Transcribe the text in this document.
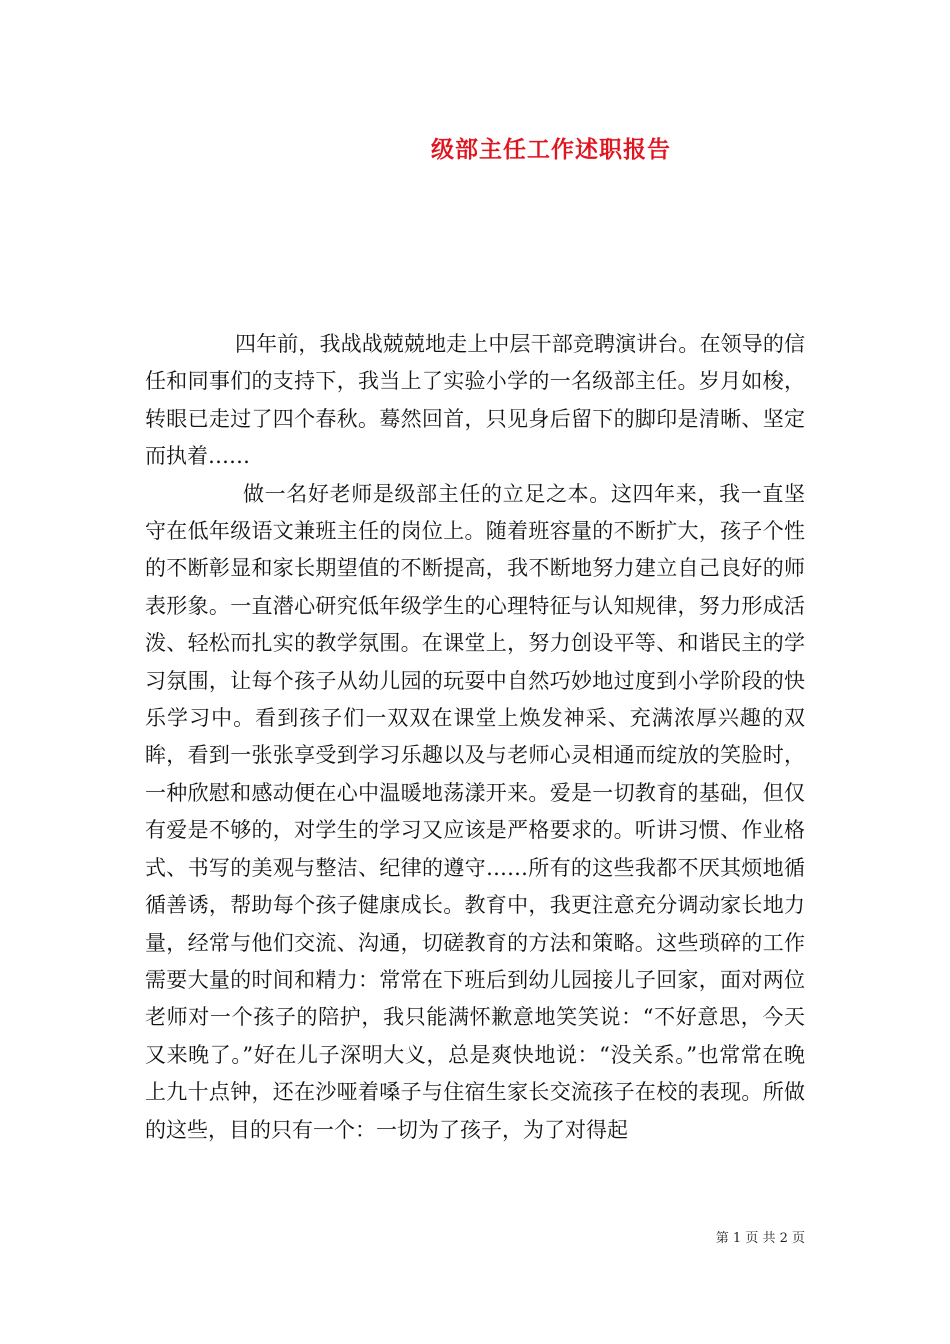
级部主任工作述职报告

四年前，我战战兢兢地走上中层干部竞聘演讲台。在领导的信任和同事们的支持下，我当上了实验小学的一名级部主任。岁月如梭，转眼已走过了四个春秋。蓦然回首，只见身后留下的脚印是清晰、坚定而执着……

做一名好老师是级部主任的立足之本。这四年来，我一直坚守在低年级语文兼班主任的岗位上。随着班容量的不断扩大，孩子个性的不断彰显和家长期望值的不断提高，我不断地努力建立自己良好的师表形象。一直潜心研究低年级学生的心理特征与认知规律，努力形成活泼、轻松而扎实的教学氛围。在课堂上，努力创设平等、和谐民主的学习氛围，让每个孩子从幼儿园的玩耍中自然巧妙地过度到小学阶段的快乐学习中。看到孩子们一双双在课堂上焕发神采、充满浓厚兴趣的双眸，看到一张张享受到学习乐趣以及与老师心灵相通而绽放的笑脸时，一种欣慰和感动便在心中温暖地荡漾开来。爱是一切教育的基础，但仅有爱是不够的，对学生的学习又应该是严格要求的。听讲习惯、作业格式、书写的美观与整洁、纪律的遵守……所有的这些我都不厌其烦地循循善诱，帮助每个孩子健康成长。教育中，我更注意充分调动家长地力量，经常与他们交流、沟通，切磋教育的方法和策略。这些琐碎的工作需要大量的时间和精力：常常在下班后到幼儿园接儿子回家，面对两位老师对一个孩子的陪护，我只能满怀歉意地笑笑说：“不好意思，今天又来晚了。”好在儿子深明大义，总是爽快地说：“没关系。”也常常在晚上九十点钟，还在沙哑着嗓子与住宿生家长交流孩子在校的表现。所做的这些，目的只有一个：一切为了孩子，为了对得起

第 1 页 共 2 页
